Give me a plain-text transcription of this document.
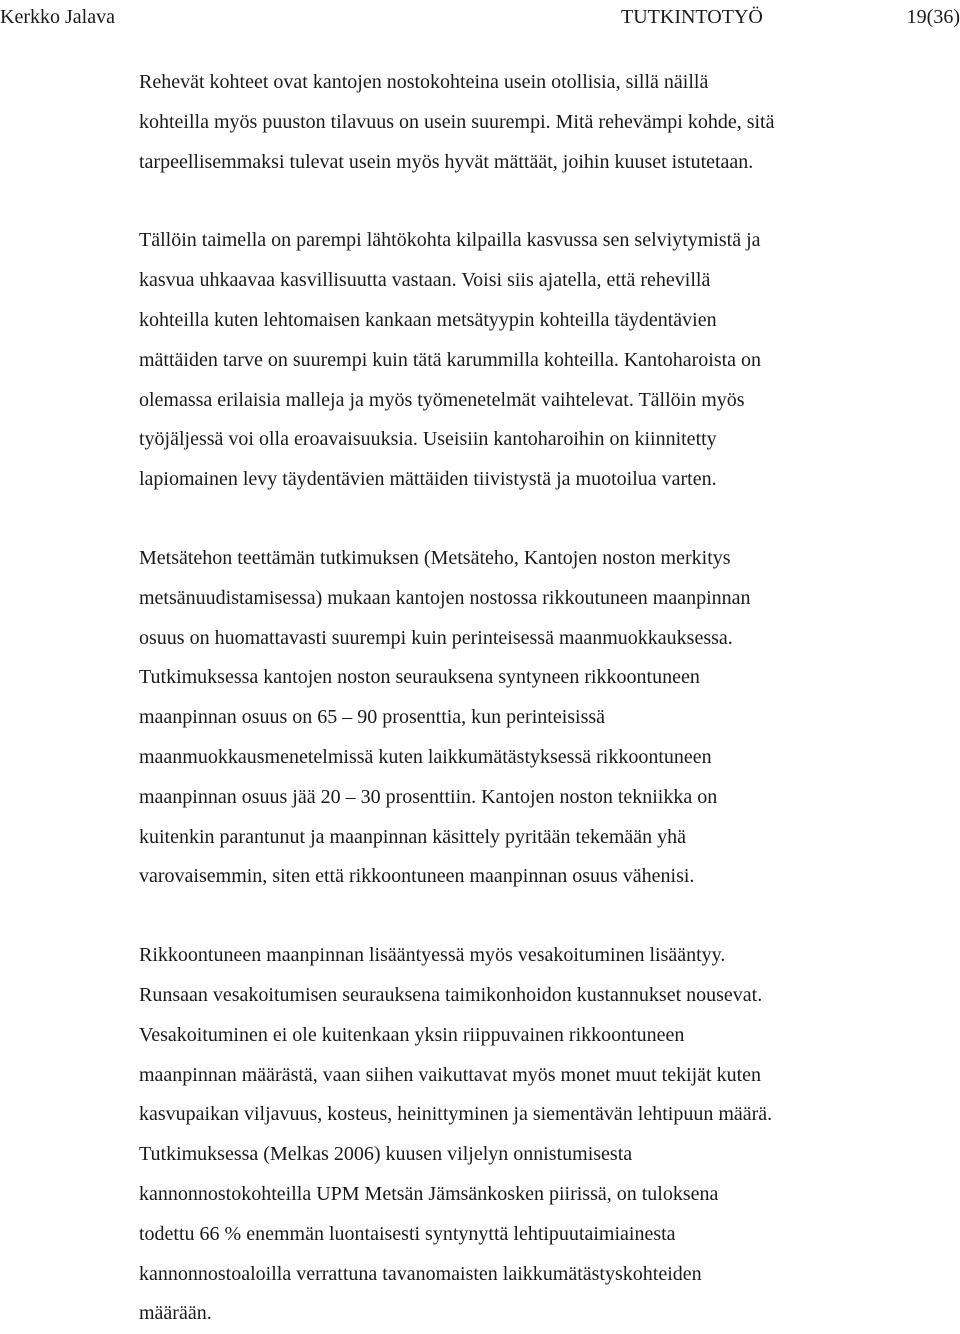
Kerkko Jalava	TUTKINTOTYÖ	19(36)
Rehevät kohteet ovat kantojen nostokohteina usein otollisia, sillä näillä
kohteilla myös puuston tilavuus on usein suurempi. Mitä rehevämpi kohde, sitä
tarpeellisemmaksi tulevat usein myös hyvät mättäät, joihin kuuset istutetaan.
Tällöin taimella on parempi lähtökohta kilpailla kasvussa sen selviytymistä ja
kasvua uhkaavaa kasvillisuutta vastaan. Voisi siis ajatella, että rehevillä
kohteilla kuten lehtomaisen kankaan metsätyypin kohteilla täydentävien
mättäiden tarve on suurempi kuin tätä karummilla kohteilla. Kantoharoista on
olemassa erilaisia malleja ja myös työmenetelmät vaihtelevat. Tällöin myös
työjäljessä voi olla eroavaisuuksia. Useisiin kantoharoihin on kiinnitetty
lapiomainen levy täydentävien mättäiden tiivistystä ja muotoilua varten.
Metsätehon teettämän tutkimuksen (Metsäteho, Kantojen noston merkitys
metsänuudistamisessa) mukaan kantojen nostossa rikkoutuneen maanpinnan
osuus on huomattavasti suurempi kuin perinteisessä maanmuokkauksessa.
Tutkimuksessa kantojen noston seurauksena syntyneen rikkoontuneen
maanpinnan osuus on 65 – 90 prosenttia, kun perinteisissä
maanmuokkausmenetelmissä kuten laikkumätästyksessä rikkoontuneen
maanpinnan osuus jää 20 – 30 prosenttiin. Kantojen noston tekniikka on
kuitenkin parantunut ja maanpinnan käsittely pyritään tekemään yhä
varovaisemmin, siten että rikkoontuneen maanpinnan osuus vähenisi.
Rikkoontuneen maanpinnan lisääntyessä myös vesakoituminen lisääntyy.
Runsaan vesakoitumisen seurauksena taimikonhoidon kustannukset nousevat.
Vesakoituminen ei ole kuitenkaan yksin riippuvainen rikkoontuneen
maanpinnan määrästä, vaan siihen vaikuttavat myös monet muut tekijät kuten
kasvupaikan viljavuus, kosteus, heinittyminen ja siementävän lehtipuun määrä.
Tutkimuksessa (Melkas 2006) kuusen viljelyn onnistumisesta
kannonnostokohteilla UPM Metsän Jämsänkosken piirissä, on tuloksena
todettu 66 % enemmän luontaisesti syntynyttä lehtipuutaimiainesta
kannonnostoaloilla verrattuna tavanomaisten laikkumätästyskohteiden
määrään.
